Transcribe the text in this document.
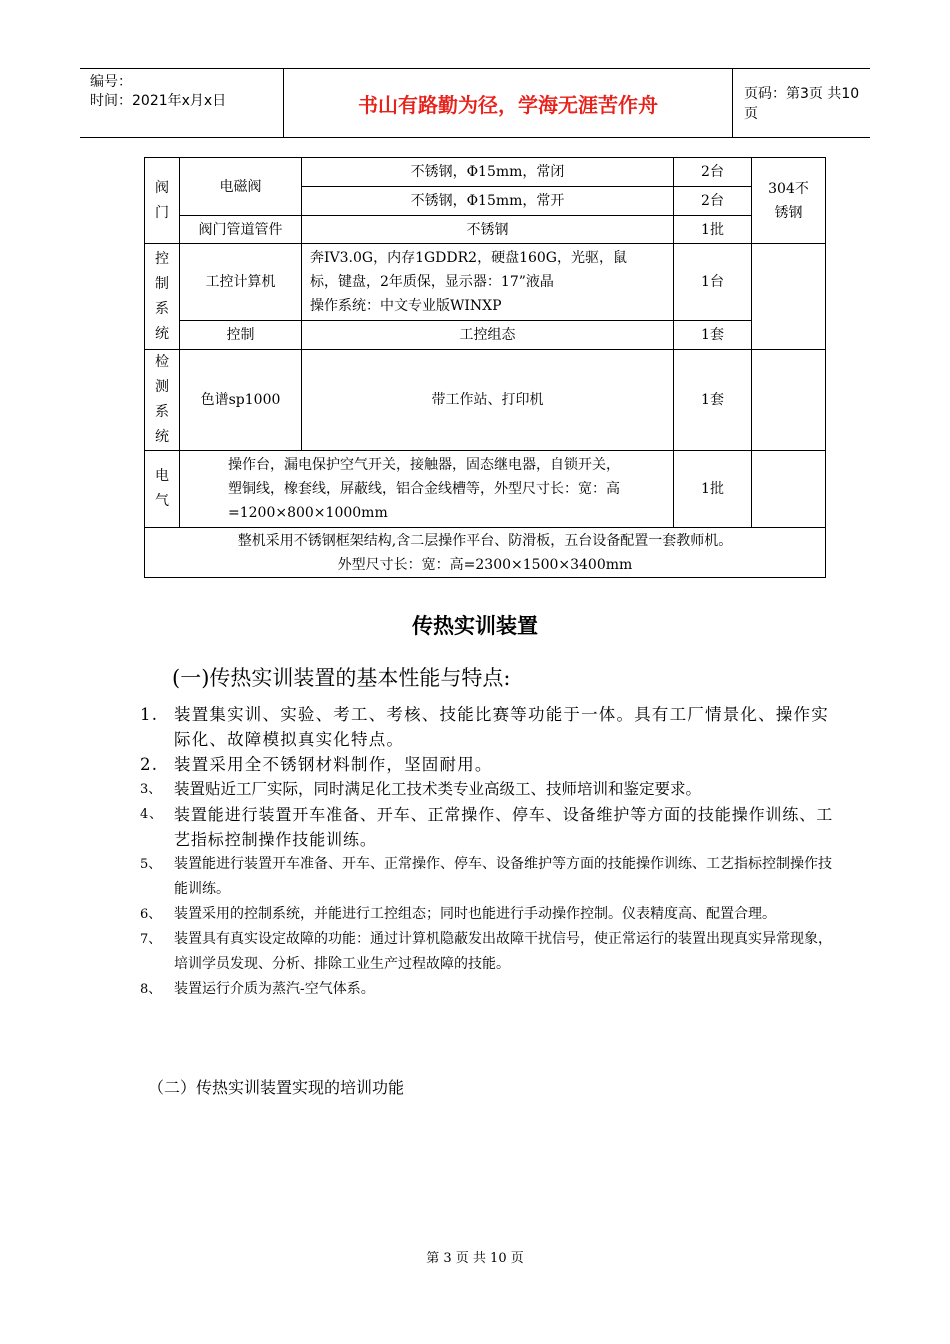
编号：
时间：2021年x月x日	书山有路勤为径，学海无涯苦作舟	页码：第3页 共10页
阀门	电磁阀	不锈钢，Φ15mm，常闭	2台	304不锈钢

		不锈钢，Φ15mm，常开	2台	
	阀门管道管件	不锈钢	1批	

控制系统	工控计算机	奔IV3.0G，内存1GDDR2，硬盘160G，光驱，鼠
标，键盘，2年质保，显示器：17”液晶
操作系统：中文专业版WINXP	1台	
	控制	工控组态	1套	

检测系统	色谱sp1000	带工作站、打印机	1套	

电气	操作台，漏电保护空气开关，接触器，固态继电器，自锁开关，
塑铜线，橡套线，屏蔽线，铝合金线槽等，外型尺寸长：宽：高
=1200×800×1000mm		1批	

整机采用不锈钢框架结构,含二层操作平台、防滑板，五台设备配置一套教师机。
外型尺寸长：宽：高=2300×1500×3400mm				
传热实训装置
(一)传热实训装置的基本性能与特点:

1. 装置集实训、实验、考工、考核、技能比赛等功能于一体。具有工厂情景化、操作实际化、故障模拟真实化特点。

2. 装置采用全不锈钢材料制作，坚固耐用。

3、 装置贴近工厂实际，同时满足化工技术类专业高级工、技师培训和鉴定要求。

4、 装置能进行装置开车准备、开车、正常操作、停车、设备维护等方面的技能操作训练、工艺指标控制操作技能训练。

5、 装置能进行装置开车准备、开车、正常操作、停车、设备维护等方面的技能操作训练、工艺指标控制操作技能训练。

6、 装置采用的控制系统，并能进行工控组态；同时也能进行手动操作控制。仪表精度高、配置合理。

7、 装置具有真实设定故障的功能：通过计算机隐蔽发出故障干扰信号，使正常运行的装置出现真实异常现象，培训学员发现、分析、排除工业生产过程故障的技能。

8、 装置运行介质为蒸汽-空气体系。

（二）传热实训装置实现的培训功能
第 3 页 共 10 页
